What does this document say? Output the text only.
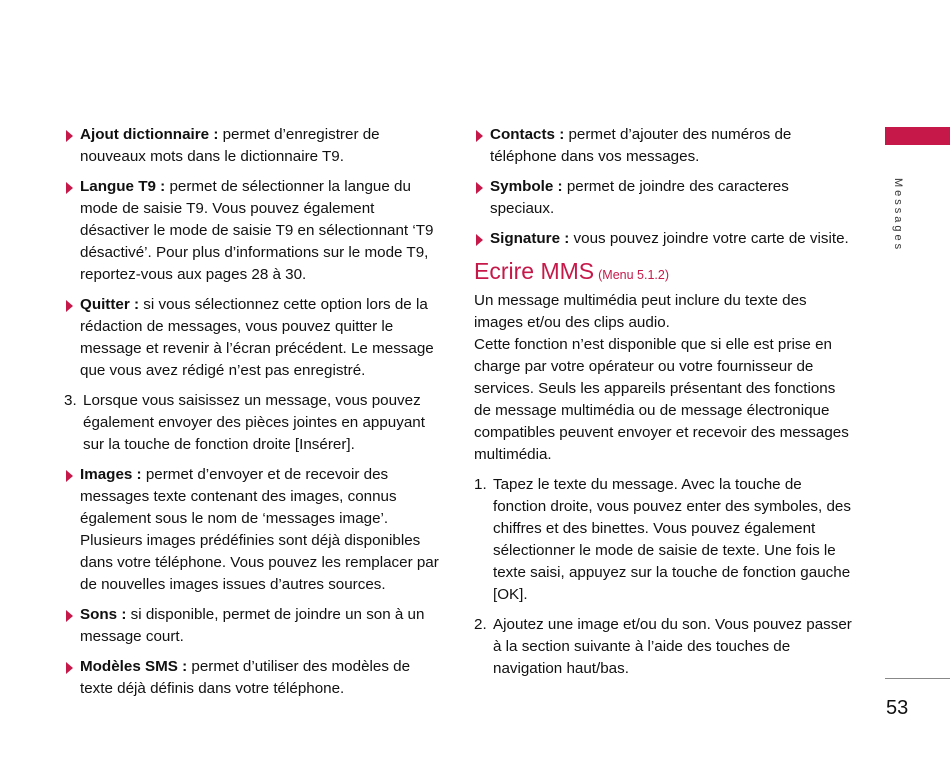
Ajout dictionnaire : permet d’enregistrer de nouveaux mots dans le dictionnaire T9.
Langue T9 : permet de sélectionner la langue du mode de saisie T9. Vous pouvez également désactiver le mode de saisie T9 en sélectionnant ‘T9 désactivé’. Pour plus d’informations sur le mode T9, reportez-vous aux pages 28 à 30.
Quitter : si vous sélectionnez cette option lors de la rédaction de messages, vous pouvez quitter le message et revenir à l’écran précédent. Le message que vous avez rédigé n’est pas enregistré.
3. Lorsque vous saisissez un message, vous pouvez également envoyer des pièces jointes en appuyant sur la touche de fonction droite [Insérer].
Images : permet d’envoyer et de recevoir des messages texte contenant des images, connus également sous le nom de ‘messages image’. Plusieurs images prédéfinies sont déjà disponibles dans votre téléphone. Vous pouvez les remplacer par de nouvelles images issues d’autres sources.
Sons : si disponible, permet de joindre un son à un message court.
Modèles SMS : permet d’utiliser des modèles de texte déjà définis dans votre téléphone.
Contacts : permet d’ajouter des numéros de téléphone dans vos messages.
Symbole : permet de joindre des caracteres speciaux.
Signature : vous pouvez joindre votre carte de visite.
Ecrire MMS (Menu 5.1.2)
Un message multimédia peut inclure du texte des images et/ou des clips audio.
Cette fonction n’est disponible que si elle est prise en charge par votre opérateur ou votre fournisseur de services. Seuls les appareils présentant des fonctions de message multimédia ou de message électronique compatibles peuvent envoyer et recevoir des messages multimédia.
1. Tapez le texte du message. Avec la touche de fonction droite, vous pouvez enter des symboles, des chiffres et des binettes. Vous pouvez également sélectionner le mode de saisie de texte. Une fois le texte saisi, appuyez sur la touche de fonction gauche [OK].
2. Ajoutez une image et/ou du son. Vous pouvez passer à la section suivante à l’aide des touches de navigation haut/bas.
Messages
53
